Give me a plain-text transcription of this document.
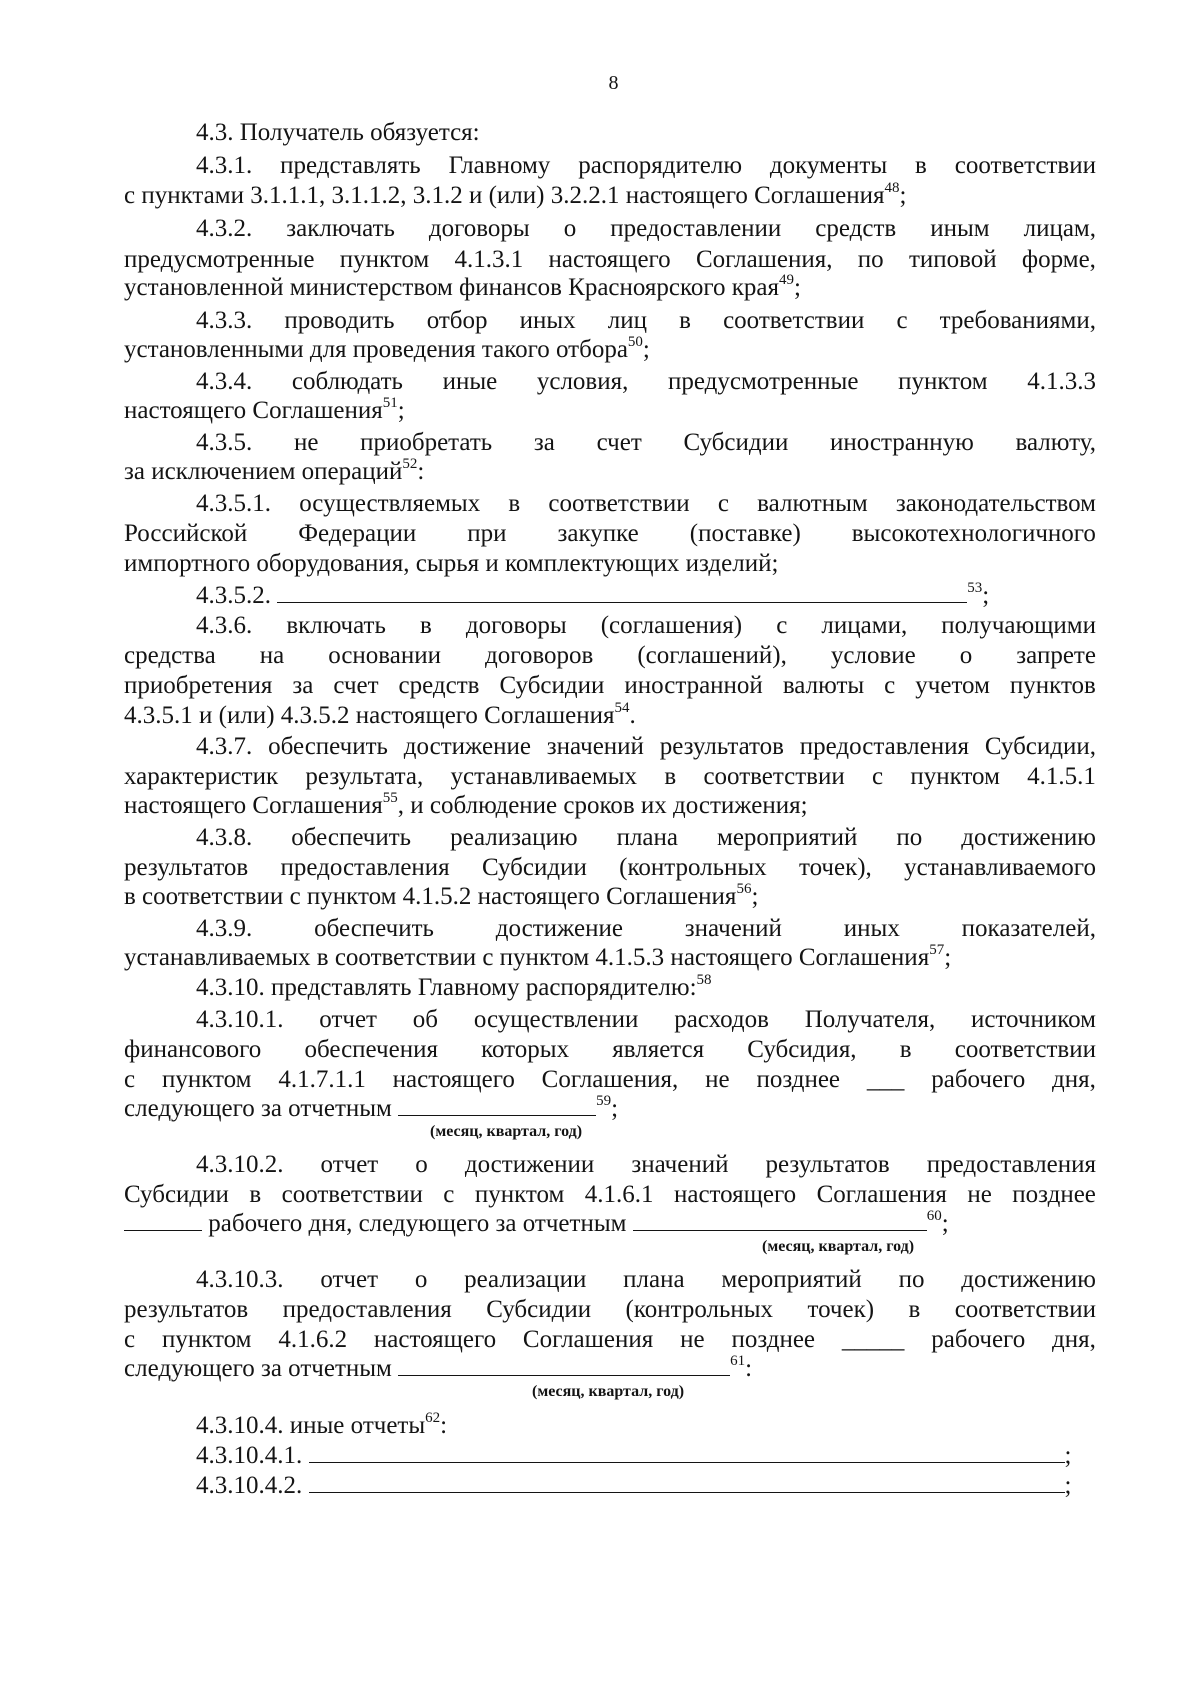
8
4.3. Получатель обязуется:
4.3.1. представлять Главному распорядителю документы в соответствии
с пунктами 3.1.1.1, 3.1.1.2, 3.1.2 и (или) 3.2.2.1 настоящего Соглашения$^{48}$;
4.3.2. заключать договоры о предоставлении средств иным лицам,
предусмотренные пунктом 4.1.3.1 настоящего Соглашения, по типовой форме,
установленной министерством финансов Красноярского края$^{49}$;
4.3.3. проводить отбор иных лиц в соответствии с требованиями,
установленными для проведения такого отбора$^{50}$;
4.3.4. соблюдать иные условия, предусмотренные пунктом 4.1.3.3
настоящего Соглашения$^{51}$;
4.3.5. не приобретать за счет Субсидии иностранную валюту,
за исключением операций$^{52}$:
4.3.5.1. осуществляемых в соответствии с валютным законодательством
Российской Федерации при закупке (поставке) высокотехнологичного
импортного оборудования, сырья и комплектующих изделий;
4.3.5.2.	$^{53}$;
4.3.6. включать в договоры (соглашения) с лицами, получающими
средства на основании договоров (соглашений), условие о запрете
приобретения за счет средств Субсидии иностранной валюты с учетом пунктов
4.3.5.1 и (или) 4.3.5.2 настоящего Соглашения$^{54}$.
4.3.7. обеспечить достижение значений результатов предоставления Субсидии,
характеристик результата, устанавливаемых в соответствии с пунктом 4.1.5.1
настоящего Соглашения$^{55}$, и соблюдение сроков их достижения;
4.3.8. обеспечить реализацию плана мероприятий по достижению
результатов предоставления Субсидии (контрольных точек), устанавливаемого
в соответствии с пунктом 4.1.5.2 настоящего Соглашения$^{56}$;
4.3.9. обеспечить достижение значений иных показателей,
устанавливаемых в соответствии с пунктом 4.1.5.3 настоящего Соглашения$^{57}$;
4.3.10. представлять Главному распорядителю:$^{58}$
4.3.10.1. отчет об осуществлении расходов Получателя, источником
финансового обеспечения которых является Субсидия, в соответствии
с пунктом 4.1.7.1.1 настоящего Соглашения, не позднее ___ рабочего дня,
следующего за отчетным	$^{59}$;
(месяц, квартал, год)
4.3.10.2. отчет о достижении значений результатов предоставления
Субсидии в соответствии с пунктом 4.1.6.1 настоящего Соглашения не позднее
рабочего дня, следующего за отчетным	$^{60}$;
(месяц, квартал, год)
4.3.10.3. отчет о реализации плана мероприятий по достижению
результатов предоставления Субсидии (контрольных точек) в соответствии
с пунктом 4.1.6.2 настоящего Соглашения не позднее _____ рабочего дня,
следующего за отчетным	$^{61}$:
(месяц, квартал, год)
4.3.10.4. иные отчеты$^{62}$:
4.3.10.4.1.	;
4.3.10.4.2.	;
